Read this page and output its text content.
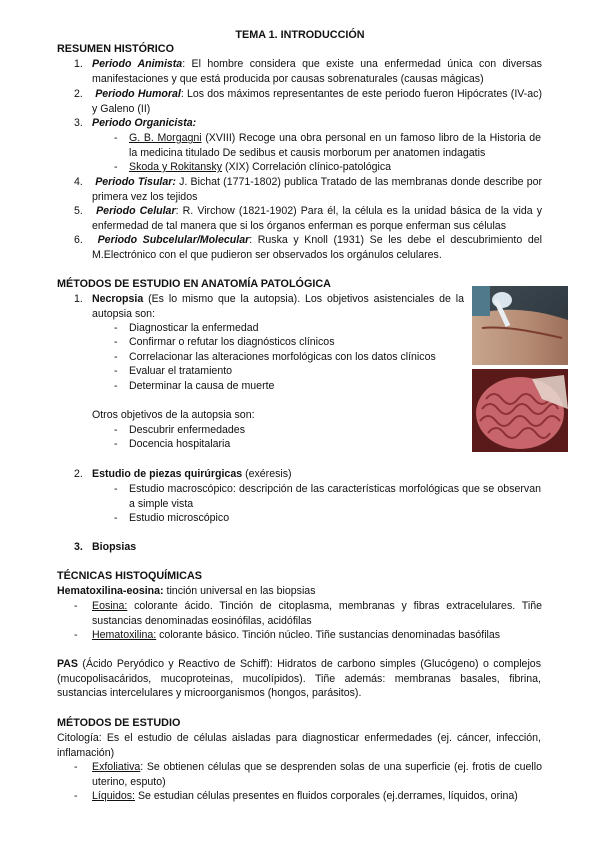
TEMA 1. INTRODUCCIÓN
RESUMEN HISTÓRICO
1. Periodo Animista: El hombre considera que existe una enfermedad única con diversas manifestaciones y que está producida por causas sobrenaturales (causas mágicas)
2.	Periodo Humoral: Los dos máximos representantes de este periodo fueron Hipócrates (IV-ac) y Galeno (II)
3. Periodo Organicista:
- G. B. Morgagni (XVIII) Recoge una obra personal en un famoso libro de la Historia de la medicina titulado De sedibus et causis morborum per anatomen indagatis
- Skoda y Rokitansky (XIX) Correlación clínico-patológica
4.	Periodo Tisular: J. Bichat (1771-1802) publica Tratado de las membranas donde describe por primera vez los tejidos
5.	Periodo Celular: R. Virchow (1821-1902) Para él, la célula es la unidad básica de la vida y enfermedad de tal manera que si los órganos enferman es porque enferman sus células
6.	Periodo Subcelular/Molecular: Ruska y Knoll (1931) Se les debe el descubrimiento del M.Electrónico con el que pudieron ser observados los orgánulos celulares.
MÉTODOS DE ESTUDIO EN ANATOMÍA PATOLÓGICA
1. Necropsia (Es lo mismo que la autopsia). Los objetivos asistenciales de la autopsia son:
- Diagnosticar la enfermedad
- Confirmar o refutar los diagnósticos clínicos
- Correlacionar las alteraciones morfológicas con los datos clínicos
- Evaluar el tratamiento
- Determinar la causa de muerte
Otros objetivos de la autopsia son:
- Descubrir enfermedades
- Docencia hospitalaria
2. Estudio de piezas quirúrgicas (exéresis)
- Estudio macroscópico: descripción de las características morfológicas que se observan a simple vista
- Estudio microscópico
3. Biopsias
TÉCNICAS HISTOQUÍMICAS
Hematoxilina-eosina: tinción universal en las biopsias
- Eosina: colorante ácido. Tinción de citoplasma, membranas y fibras extracelulares. Tiñe sustancias denominadas eosinófilas, acidófilas
- Hematoxilina: colorante básico. Tinción núcleo. Tiñe sustancias denominadas basófilas
PAS (Ácido Peryódico y Reactivo de Schiff): Hidratos de carbono simples (Glucógeno) o complejos (mucopolisacáridos, mucoproteinas, mucolípidos). Tiñe además: membranas basales, fibrina, sustancias intercelulares y microorganismos (hongos, parásitos).
MÉTODOS DE ESTUDIO
Citología: Es el estudio de células aisladas para diagnosticar enfermedades (ej. cáncer, infección, inflamación)
- Exfoliativa: Se obtienen células que se desprenden solas de una superficie (ej. frotis de cuello uterino, esputo)
- Líquidos: Se estudian células presentes en fluidos corporales (ej.derrames, líquidos, orina)
